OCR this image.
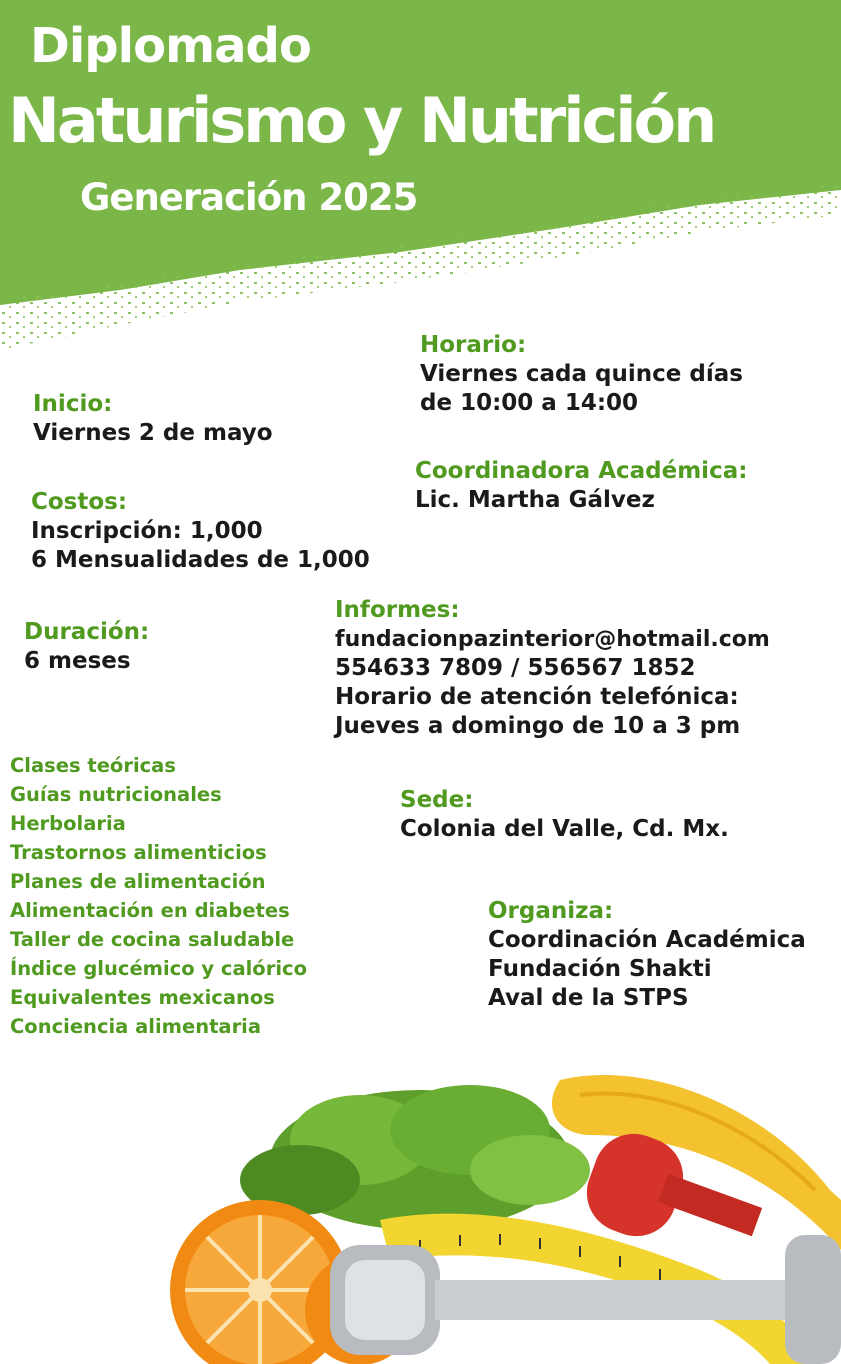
Diplomado
Naturismo y Nutrición
Generación 2025
Horario:
Viernes cada quince días
de 10:00 a 14:00
Inicio:
Viernes 2 de mayo
Coordinadora Académica:
Lic. Martha Gálvez
Costos:
Inscripción: 1,000
6 Mensualidades de 1,000
Duración:
6 meses
Informes:
fundacionpazinterior@hotmail.com
554633 7809 / 556567 1852
Horario de atención telefónica:
Jueves a domingo de 10 a 3 pm
Clases teóricas
Guías nutricionales
Herbolaria
Trastornos alimenticios
Planes de alimentación
Alimentación en diabetes
Taller de cocina saludable
Índice glucémico y calórico
Equivalentes mexicanos
Conciencia alimentaria
Sede:
Colonia del Valle, Cd. Mx.
Organiza:
Coordinación Académica
Fundación Shakti
Aval de la STPS
